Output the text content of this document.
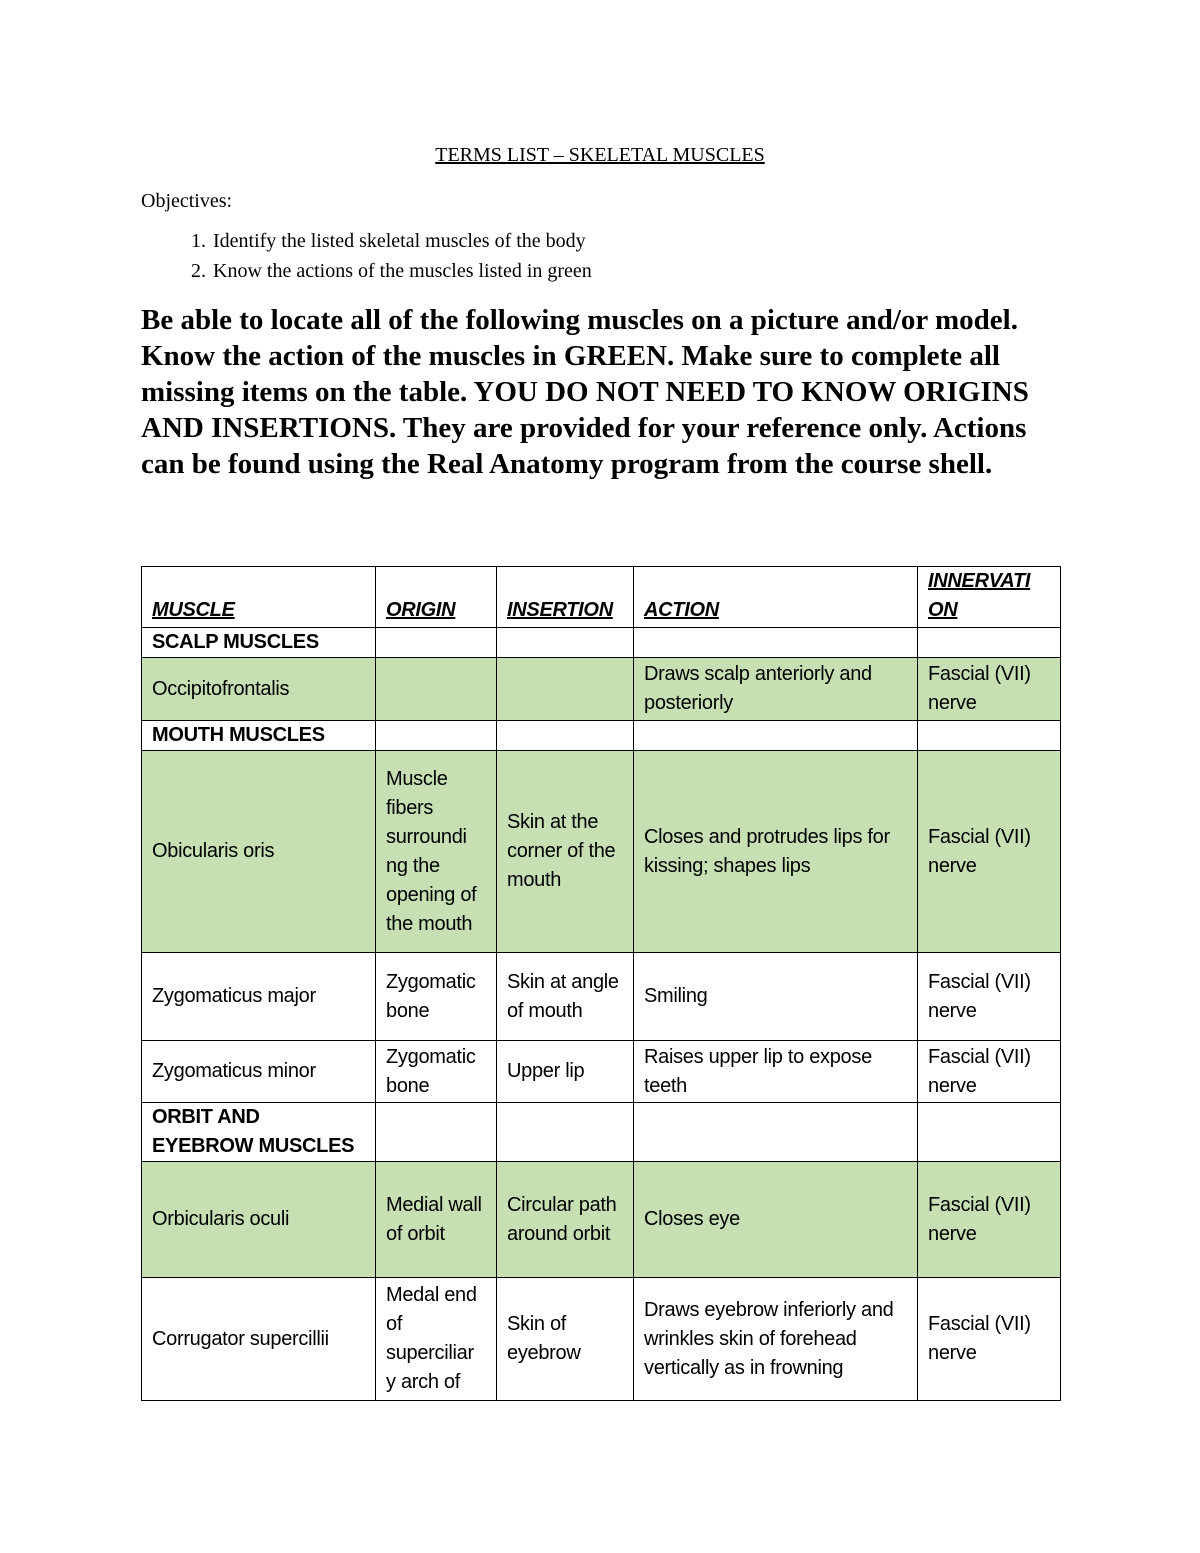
TERMS LIST – SKELETAL MUSCLES
Objectives:
1. Identify the listed skeletal muscles of the body
2. Know the actions of the muscles listed in green
Be able to locate all of the following muscles on a picture and/or model. Know the action of the muscles in GREEN. Make sure to complete all missing items on the table. YOU DO NOT NEED TO KNOW ORIGINS AND INSERTIONS. They are provided for your reference only. Actions can be found using the Real Anatomy program from the course shell.
MUSCLE	ORIGIN	INSERTION	ACTION	INNERVATI ON
SCALP MUSCLES				
Occipitofrontalis			Draws scalp anteriorly and posteriorly	Fascial (VII) nerve
MOUTH MUSCLES				
Obicularis oris	Muscle fibers surroundi ng the opening of the mouth	Skin at the corner of the mouth	Closes and protrudes lips for kissing; shapes lips	Fascial (VII) nerve
Zygomaticus major	Zygomatic bone	Skin at angle of mouth	Smiling	Fascial (VII) nerve
Zygomaticus minor	Zygomatic bone	Upper lip	Raises upper lip to expose teeth	Fascial (VII) nerve
ORBIT AND EYEBROW MUSCLES				
Orbicularis oculi	Medial wall of orbit	Circular path around orbit	Closes eye	Fascial (VII) nerve
Corrugator supercillii	Medal end of superciliar y arch of	Skin of eyebrow	Draws eyebrow inferiorly and wrinkles skin of forehead vertically as in frowning	Fascial (VII) nerve
